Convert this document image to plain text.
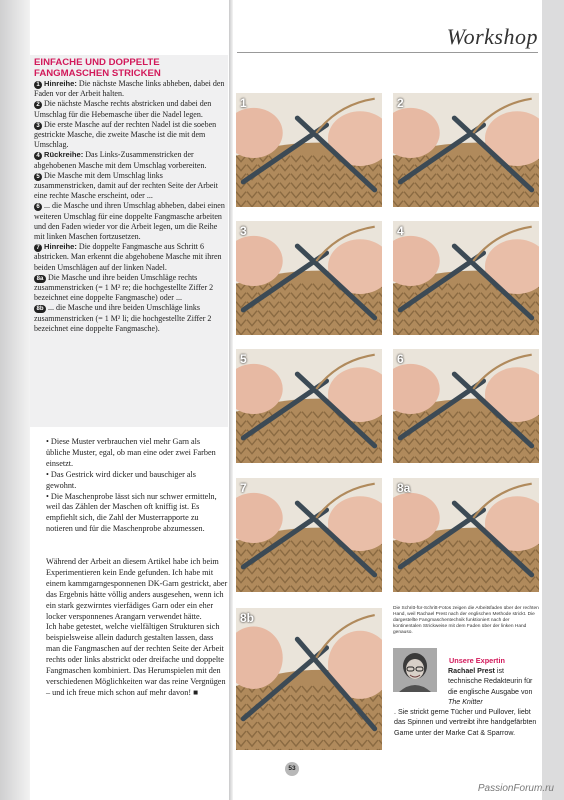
Workshop
EINFACHE UND DOPPELTE
FANGMASCHEN STRICKEN

1 Hinreihe: Die nächste Masche links abheben, dabei den Faden vor der Arbeit halten.

2 Die nächste Masche rechts abstricken und dabei den Umschlag für die Hebemasche über die Nadel legen.

3 Die erste Masche auf der rechten Nadel ist die soeben gestrickte Masche, die zweite Masche ist die mit dem Umschlag.

4 Rückreihe: Das Links-Zusammenstricken der abgehobenen Masche mit dem Umschlag vorbereiten.

5 Die Masche mit dem Umschlag links zusammenstricken, damit auf der rechten Seite der Arbeit eine rechte Masche erscheint, oder ...

6 ... die Masche und ihren Umschlag abheben, dabei einen weiteren Umschlag für eine doppelte Fangmasche arbeiten und den Faden wieder vor die Arbeit legen, um die Reihe mit linken Maschen fortzusetzen.

7 Hinreihe: Die doppelte Fangmasche aus Schritt 6 abstricken. Man erkennt die abgehobene Masche mit ihren beiden Umschlägen auf der linken Nadel.

8a Die Masche und ihre beiden Umschläge rechts zusammenstricken (= 1 M² re; die hochgestellte Ziffer 2 bezeichnet eine doppelte Fangmasche) oder ...

8b ... die Masche und ihre beiden Umschläge links zusammenstricken (= 1 M² li; die hochgestellte Ziffer 2 bezeichnet eine doppelte Fangmasche).

• Diese Muster verbrauchen viel mehr Garn als übliche Muster, egal, ob man eine oder zwei Farben einsetzt.

• Das Gestrick wird dicker und bauschiger als gewohnt.

• Die Maschenprobe lässt sich nur schwer ermitteln, weil das Zählen der Maschen oft kniffig ist. Es empfiehlt sich, die Zahl der Musterrapporte zu notieren und für die Maschenprobe abzumessen.

Während der Arbeit an diesem Artikel habe ich beim Experimentieren kein Ende gefunden. Ich habe mit einem kammgarngesponnenen DK-Garn gestrickt, aber das Ergebnis hätte völlig anders ausgesehen, wenn ich ein stark gezwirntes vierfädiges Garn oder ein eher locker versponnenes Arangarn verwendet hätte.

Ich habe getestet, welche vielfältigen Strukturen sich beispielsweise allein dadurch gestalten lassen, dass man die Fangmaschen auf der rechten Seite der Arbeit rechts oder links abstrickt oder dreifache und doppelte Fangmaschen kombiniert. Das Herumspielen mit den verschiedenen Möglichkeiten war das reine Vergnügen – und ich freue mich schon auf mehr davon! ■

1	2
3	4
5	6
7	8a
8b
Die Schritt-für-Schritt-Fotos zeigen die Arbeitsfaden über der rechten Hand, weil Rachael Prest nach der englischen Methode strickt. Die dargestellte Fangmaschentechnik funktioniert nach der kontinentalen Strickweise mit dem Faden über der linken Hand genauso.
Unsere Expertin
Rachael Prest ist technische Redakteurin für die englische Ausgabe von The Knitter
. Sie strickt gerne Tücher und Pullover, liebt das Spinnen und vertreibt ihre handgefärbten Game unter der Marke Cat & Sparrow.
53
PassionForum.ru
